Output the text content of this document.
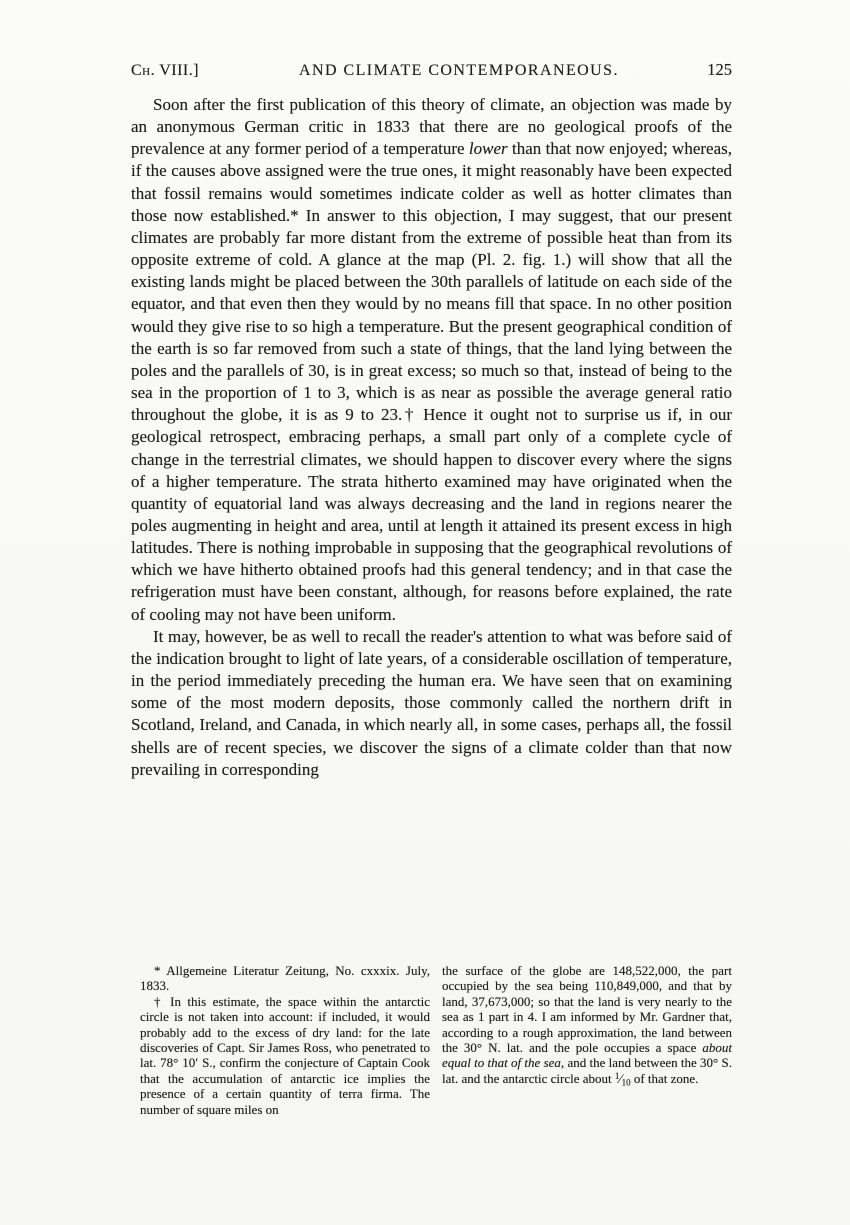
Ch. VIII.]	AND CLIMATE CONTEMPORANEOUS.	125

Soon after the first publication of this theory of climate, an objection was made by an anonymous German critic in 1833 that there are no geological proofs of the prevalence at any former period of a temperature lower than that now enjoyed; whereas, if the causes above assigned were the true ones, it might reasonably have been expected that fossil remains would sometimes indicate colder as well as hotter climates than those now established.* In answer to this objection, I may suggest, that our present climates are probably far more distant from the extreme of possible heat than from its opposite extreme of cold. A glance at the map (Pl. 2. fig. 1.) will show that all the existing lands might be placed between the 30th parallels of latitude on each side of the equator, and that even then they would by no means fill that space. In no other position would they give rise to so high a temperature. But the present geographical condition of the earth is so far removed from such a state of things, that the land lying between the poles and the parallels of 30, is in great excess; so much so that, instead of being to the sea in the proportion of 1 to 3, which is as near as possible the average general ratio throughout the globe, it is as 9 to 23.† Hence it ought not to surprise us if, in our geological retrospect, embracing perhaps, a small part only of a complete cycle of change in the terrestrial climates, we should happen to discover every where the signs of a higher temperature. The strata hitherto examined may have originated when the quantity of equatorial land was always decreasing and the land in regions nearer the poles augmenting in height and area, until at length it attained its present excess in high latitudes. There is nothing improbable in supposing that the geographical revolutions of which we have hitherto obtained proofs had this general tendency; and in that case the refrigeration must have been constant, although, for reasons before explained, the rate of cooling may not have been uniform.

It may, however, be as well to recall the reader's attention to what was before said of the indication brought to light of late years, of a considerable oscillation of temperature, in the period immediately preceding the human era. We have seen that on examining some of the most modern deposits, those commonly called the northern drift in Scotland, Ireland, and Canada, in which nearly all, in some cases, perhaps all, the fossil shells are of recent species, we discover the signs of a climate colder than that now prevailing in corresponding

* Allgemeine Literatur Zeitung, No. cxxxix. July, 1833.

† In this estimate, the space within the antarctic circle is not taken into account: if included, it would probably add to the excess of dry land: for the late discoveries of Capt. Sir James Ross, who penetrated to lat. 78° 10′ S., confirm the conjecture of Captain Cook that the accumulation of antarctic ice implies the presence of a certain quantity of terra firma. The number of square miles on

the surface of the globe are 148,522,000, the part occupied by the sea being 110,849,000, and that by land, 37,673,000; so that the land is very nearly to the sea as 1 part in 4. I am informed by Mr. Gardner that, according to a rough approximation, the land between the 30° N. lat. and the pole occupies a space about equal to that of the sea, and the land between the 30° S. lat. and the antarctic circle about $^1⁄_{10}$ of that zone.
